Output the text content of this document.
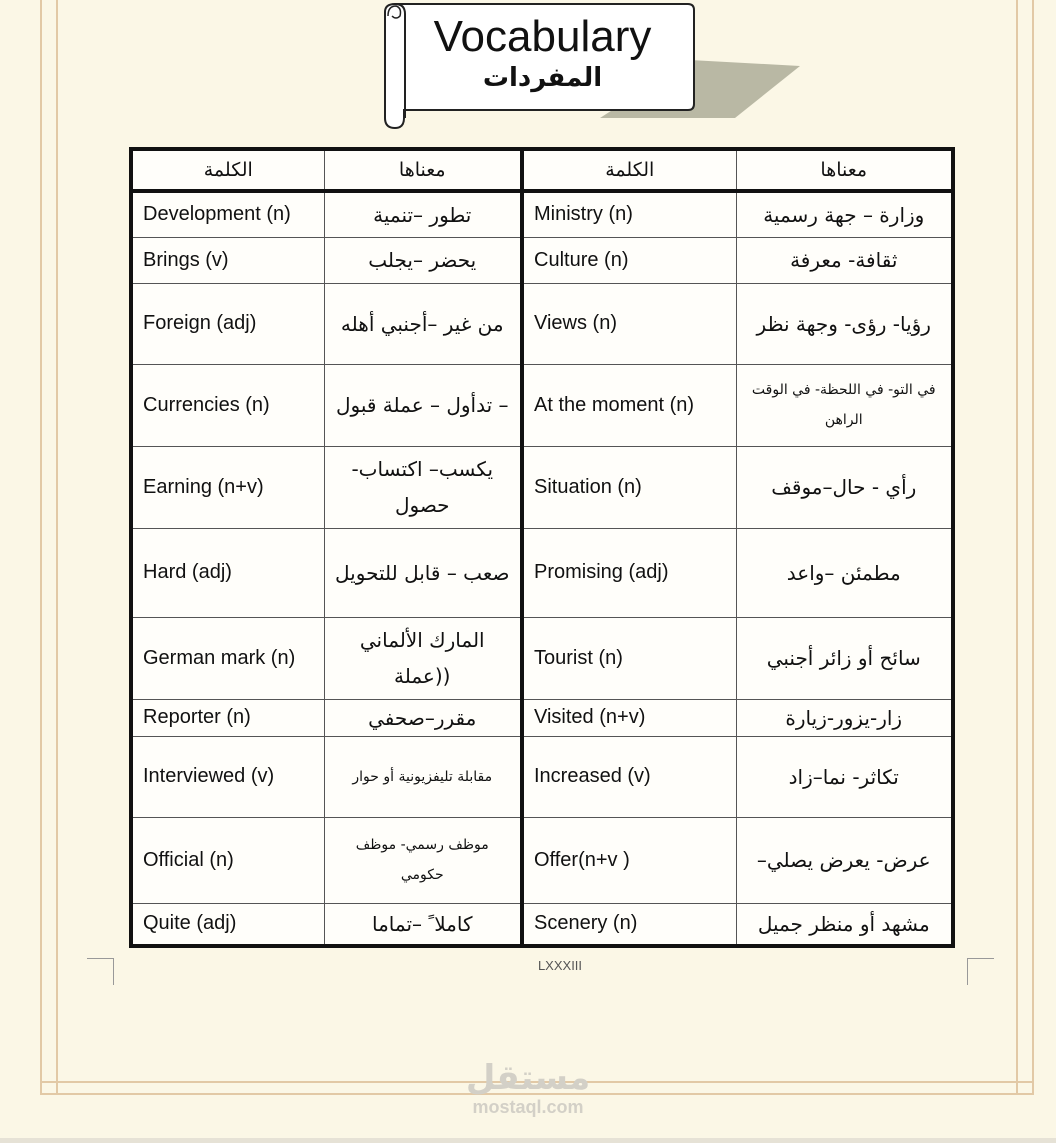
Vocabulary
المفردات
الكلمة	معناها	الكلمة	معناها
Development (n)	تطور –تنمية	Ministry (n)	وزارة – جهة رسمية
Brings (v)	يحضر –يجلب	Culture (n)	ثقافة- معرفة
Foreign (adj)	من غير –أجنبي أهله	Views (n)	رؤيا- رؤى- وجهة نظر
Currencies (n)	– تدأول – عملة قبول	At the moment (n)	في التو- في اللحظة- في الوقت الراهن
Earning (n+v)	يكسب– اكتساب- حصول	Situation (n)	رأي - حال–موقف
Hard (adj)	صعب – قابل للتحويل	Promising (adj)	مطمئن –واعد
German mark (n)	المارك الألماني ((عملة	Tourist (n)	سائح أو زائر أجنبي
Reporter (n)	مقرر–صحفي	Visited (n+v)	زار-يزور-زيارة
Interviewed (v)	مقابلة تليفزيونية أو حوار	Increased (v)	تكاثر- نما–زاد
Official (n)	موظف رسمي- موظف حكومي	Offer(n+v )	عرض- يعرض يصلي–
Quite (adj)	كاملا ً –تماما	Scenery (n)	مشهد أو منظر جميل
LXXXIII
مستقل
mostaql.com
